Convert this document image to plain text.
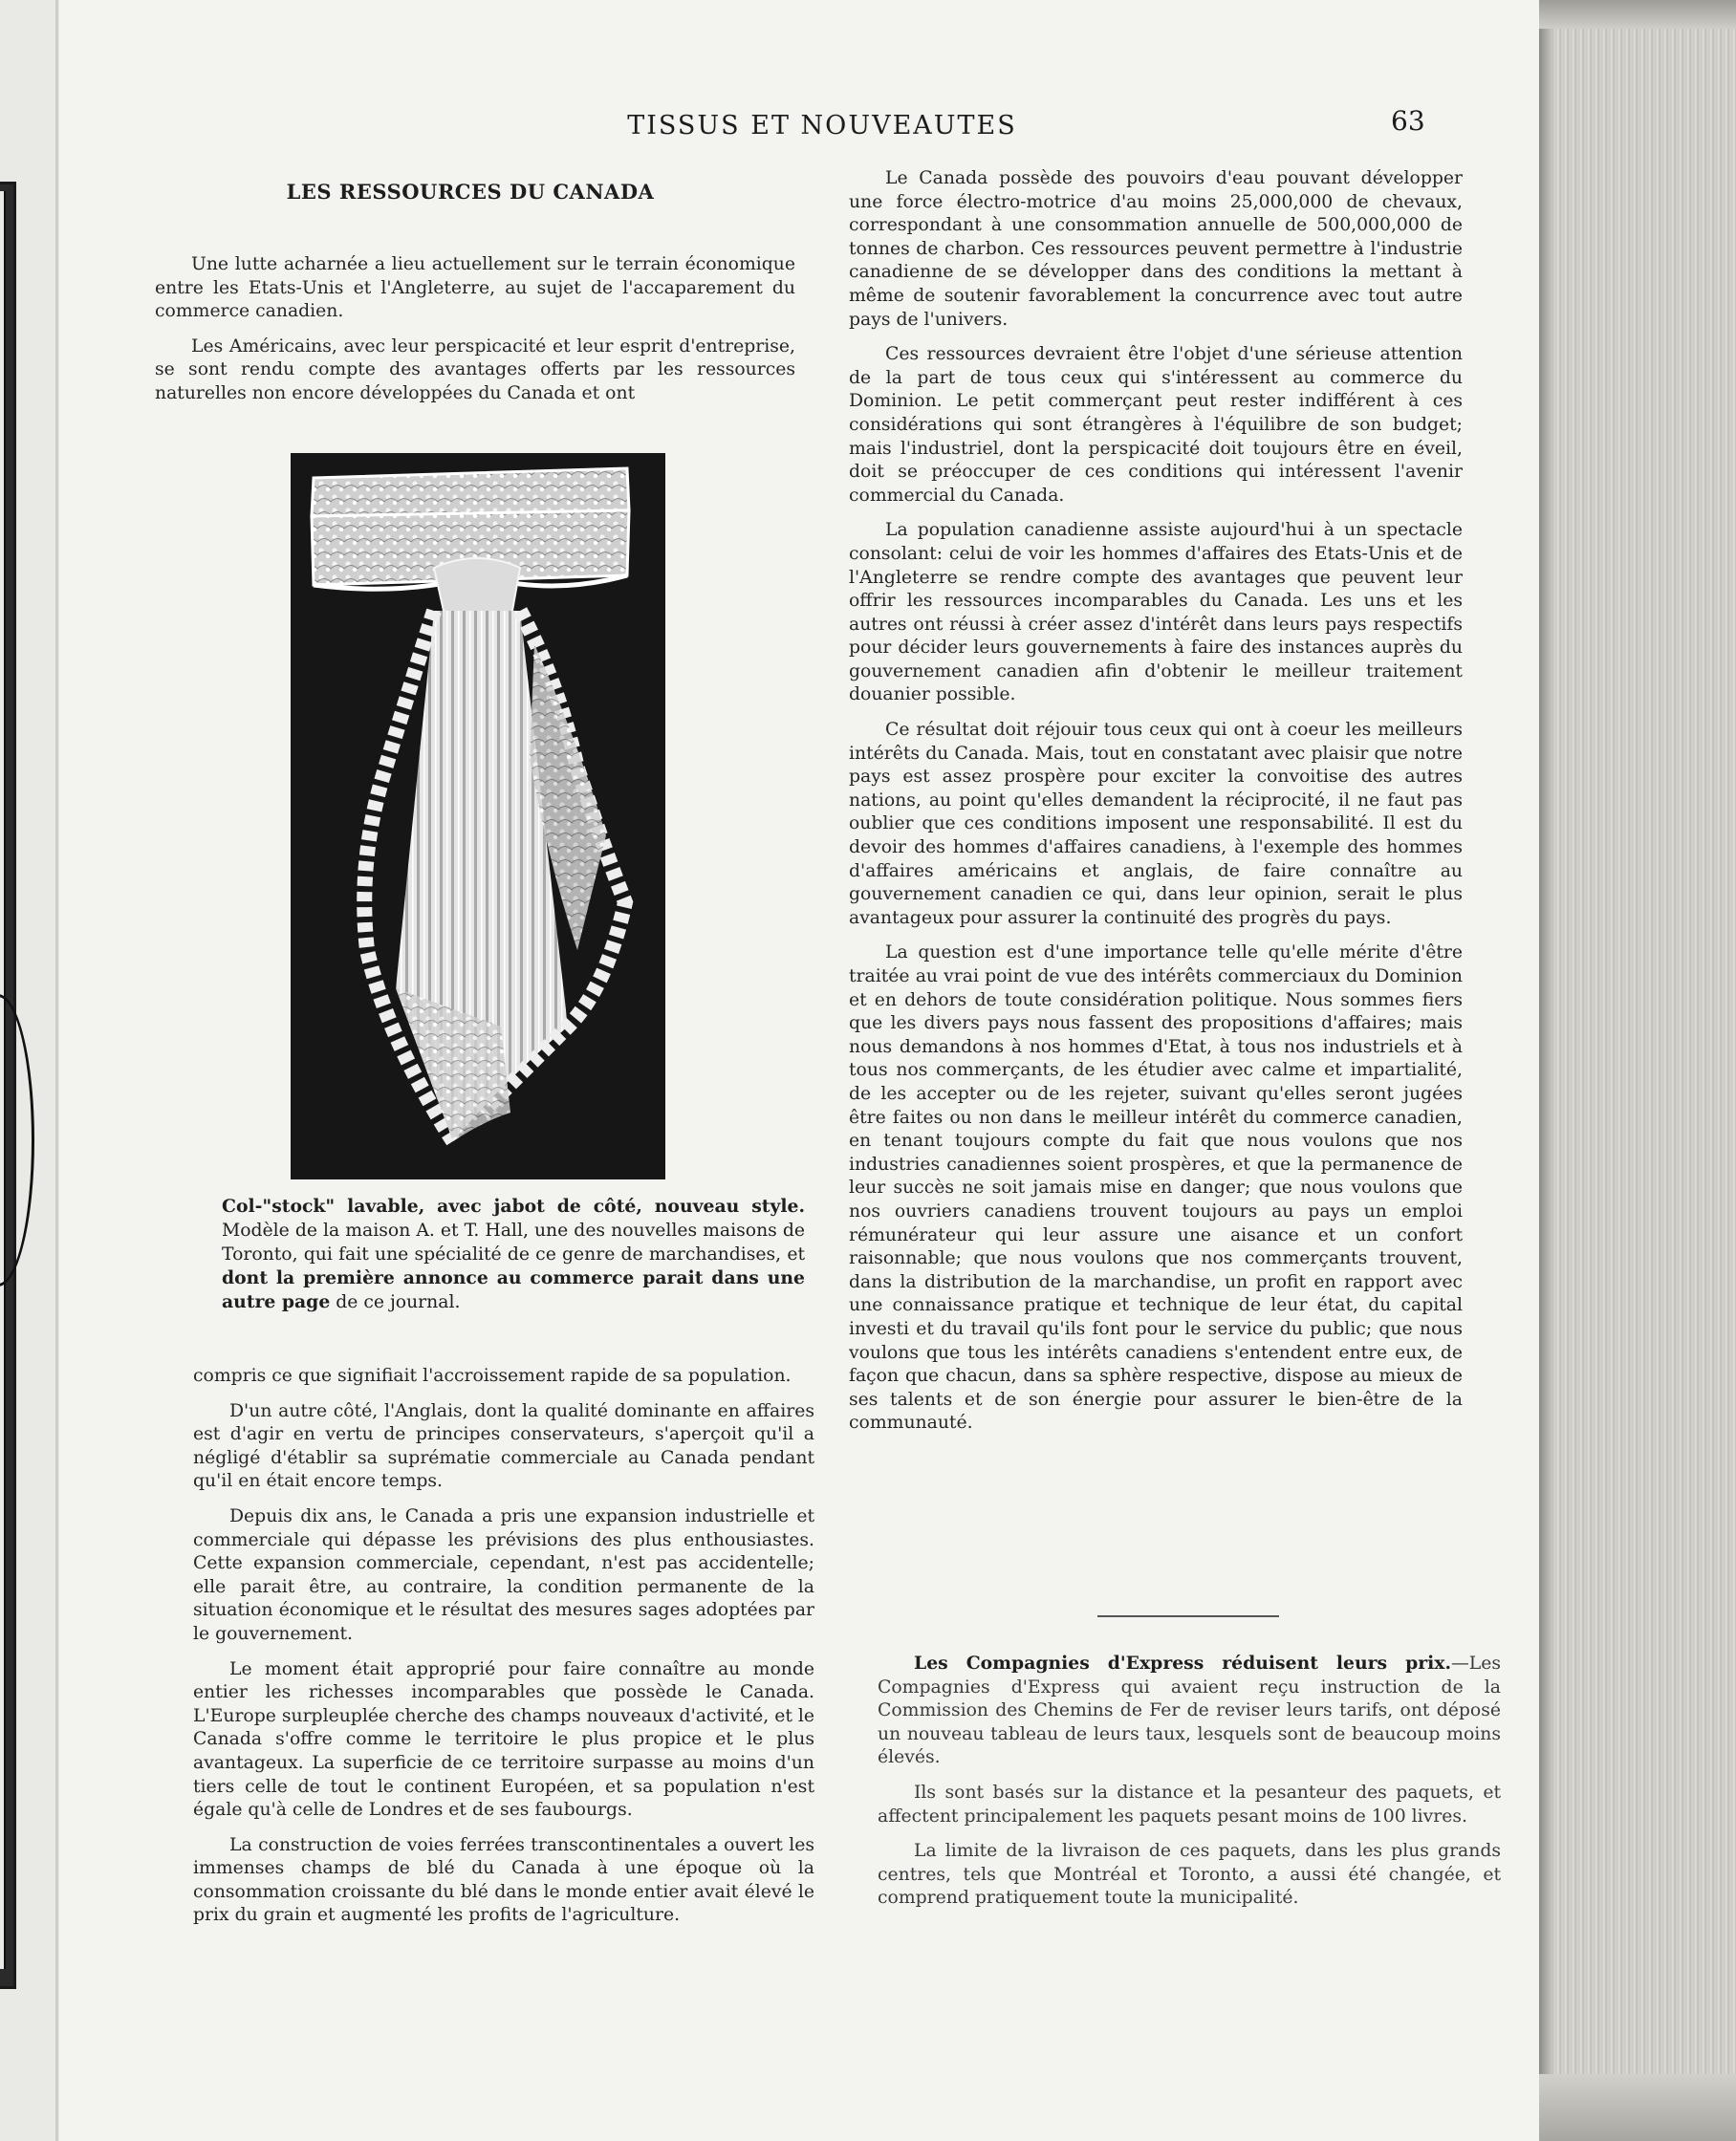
TISSUS ET NOUVEAUTES	63
LES RESSOURCES DU CANADA

Une lutte acharnée a lieu actuellement sur le terrain économique entre les Etats-Unis et l'Angleterre, au sujet de l'accaparement du commerce canadien.

Les Américains, avec leur perspicacité et leur esprit d'entreprise, se sont rendu compte des avantages offerts par les ressources naturelles non encore développées du Canada et ont

Col-"stock" lavable, avec jabot de côté, nouveau style. Modèle de la maison A. et T. Hall, une des nouvelles maisons de Toronto, qui fait une spécialité de ce genre de marchandises, et dont la première annonce au commerce parait dans une autre page de ce journal.

compris ce que signifiait l'accroissement rapide de sa population.

D'un autre côté, l'Anglais, dont la qualité dominante en affaires est d'agir en vertu de principes conservateurs, s'aperçoit qu'il a négligé d'établir sa suprématie commerciale au Canada pendant qu'il en était encore temps.

Depuis dix ans, le Canada a pris une expansion industrielle et commerciale qui dépasse les prévisions des plus enthousiastes. Cette expansion commerciale, cependant, n'est pas accidentelle; elle parait être, au contraire, la condition permanente de la situation économique et le résultat des mesures sages adoptées par le gouvernement.

Le moment était approprié pour faire connaître au monde entier les richesses incomparables que possède le Canada. L'Europe surpleuplée cherche des champs nouveaux d'activité, et le Canada s'offre comme le territoire le plus propice et le plus avantageux. La superficie de ce territoire surpasse au moins d'un tiers celle de tout le continent Européen, et sa population n'est égale qu'à celle de Londres et de ses faubourgs.

La construction de voies ferrées transcontinentales a ouvert les immenses champs de blé du Canada à une époque où la consommation croissante du blé dans le monde entier avait élevé le prix du grain et augmenté les profits de l'agriculture.

Le Canada possède des pouvoirs d'eau pouvant développer une force électro-motrice d'au moins 25,000,000 de chevaux, correspondant à une consommation annuelle de 500,000,000 de tonnes de charbon. Ces ressources peuvent permettre à l'industrie canadienne de se développer dans des conditions la mettant à même de soutenir favorablement la concurrence avec tout autre pays de l'univers.

Ces ressources devraient être l'objet d'une sérieuse attention de la part de tous ceux qui s'intéressent au commerce du Dominion. Le petit commerçant peut rester indifférent à ces considérations qui sont étrangères à l'équilibre de son budget; mais l'industriel, dont la perspicacité doit toujours être en éveil, doit se préoccuper de ces conditions qui intéressent l'avenir commercial du Canada.

La population canadienne assiste aujourd'hui à un spectacle consolant: celui de voir les hommes d'affaires des Etats-Unis et de l'Angleterre se rendre compte des avantages que peuvent leur offrir les ressources incomparables du Canada. Les uns et les autres ont réussi à créer assez d'intérêt dans leurs pays respectifs pour décider leurs gouvernements à faire des instances auprès du gouvernement canadien afin d'obtenir le meilleur traitement douanier possible.

Ce résultat doit réjouir tous ceux qui ont à coeur les meilleurs intérêts du Canada. Mais, tout en constatant avec plaisir que notre pays est assez prospère pour exciter la convoitise des autres nations, au point qu'elles demandent la réciprocité, il ne faut pas oublier que ces conditions imposent une responsabilité. Il est du devoir des hommes d'affaires canadiens, à l'exemple des hommes d'affaires américains et anglais, de faire connaître au gouvernement canadien ce qui, dans leur opinion, serait le plus avantageux pour assurer la continuité des progrès du pays.

La question est d'une importance telle qu'elle mérite d'être traitée au vrai point de vue des intérêts commerciaux du Dominion et en dehors de toute considération politique. Nous sommes fiers que les divers pays nous fassent des propositions d'affaires; mais nous demandons à nos hommes d'Etat, à tous nos industriels et à tous nos commerçants, de les étudier avec calme et impartialité, de les accepter ou de les rejeter, suivant qu'elles seront jugées être faites ou non dans le meilleur intérêt du commerce canadien, en tenant toujours compte du fait que nous voulons que nos industries canadiennes soient prospères, et que la permanence de leur succès ne soit jamais mise en danger; que nous voulons que nos ouvriers canadiens trouvent toujours au pays un emploi rémunérateur qui leur assure une aisance et un confort raisonnable; que nous voulons que nos commerçants trouvent, dans la distribution de la marchandise, un profit en rapport avec une connaissance pratique et technique de leur état, du capital investi et du travail qu'ils font pour le service du public; que nous voulons que tous les intérêts canadiens s'entendent entre eux, de façon que chacun, dans sa sphère respective, dispose au mieux de ses talents et de son énergie pour assurer le bien-être de la communauté.

Les Compagnies d'Express réduisent leurs prix.—Les Compagnies d'Express qui avaient reçu instruction de la Commission des Chemins de Fer de reviser leurs tarifs, ont déposé un nouveau tableau de leurs taux, lesquels sont de beaucoup moins élevés.

Ils sont basés sur la distance et la pesanteur des paquets, et affectent principalement les paquets pesant moins de 100 livres.

La limite de la livraison de ces paquets, dans les plus grands centres, tels que Montréal et Toronto, a aussi été changée, et comprend pratiquement toute la municipalité.
